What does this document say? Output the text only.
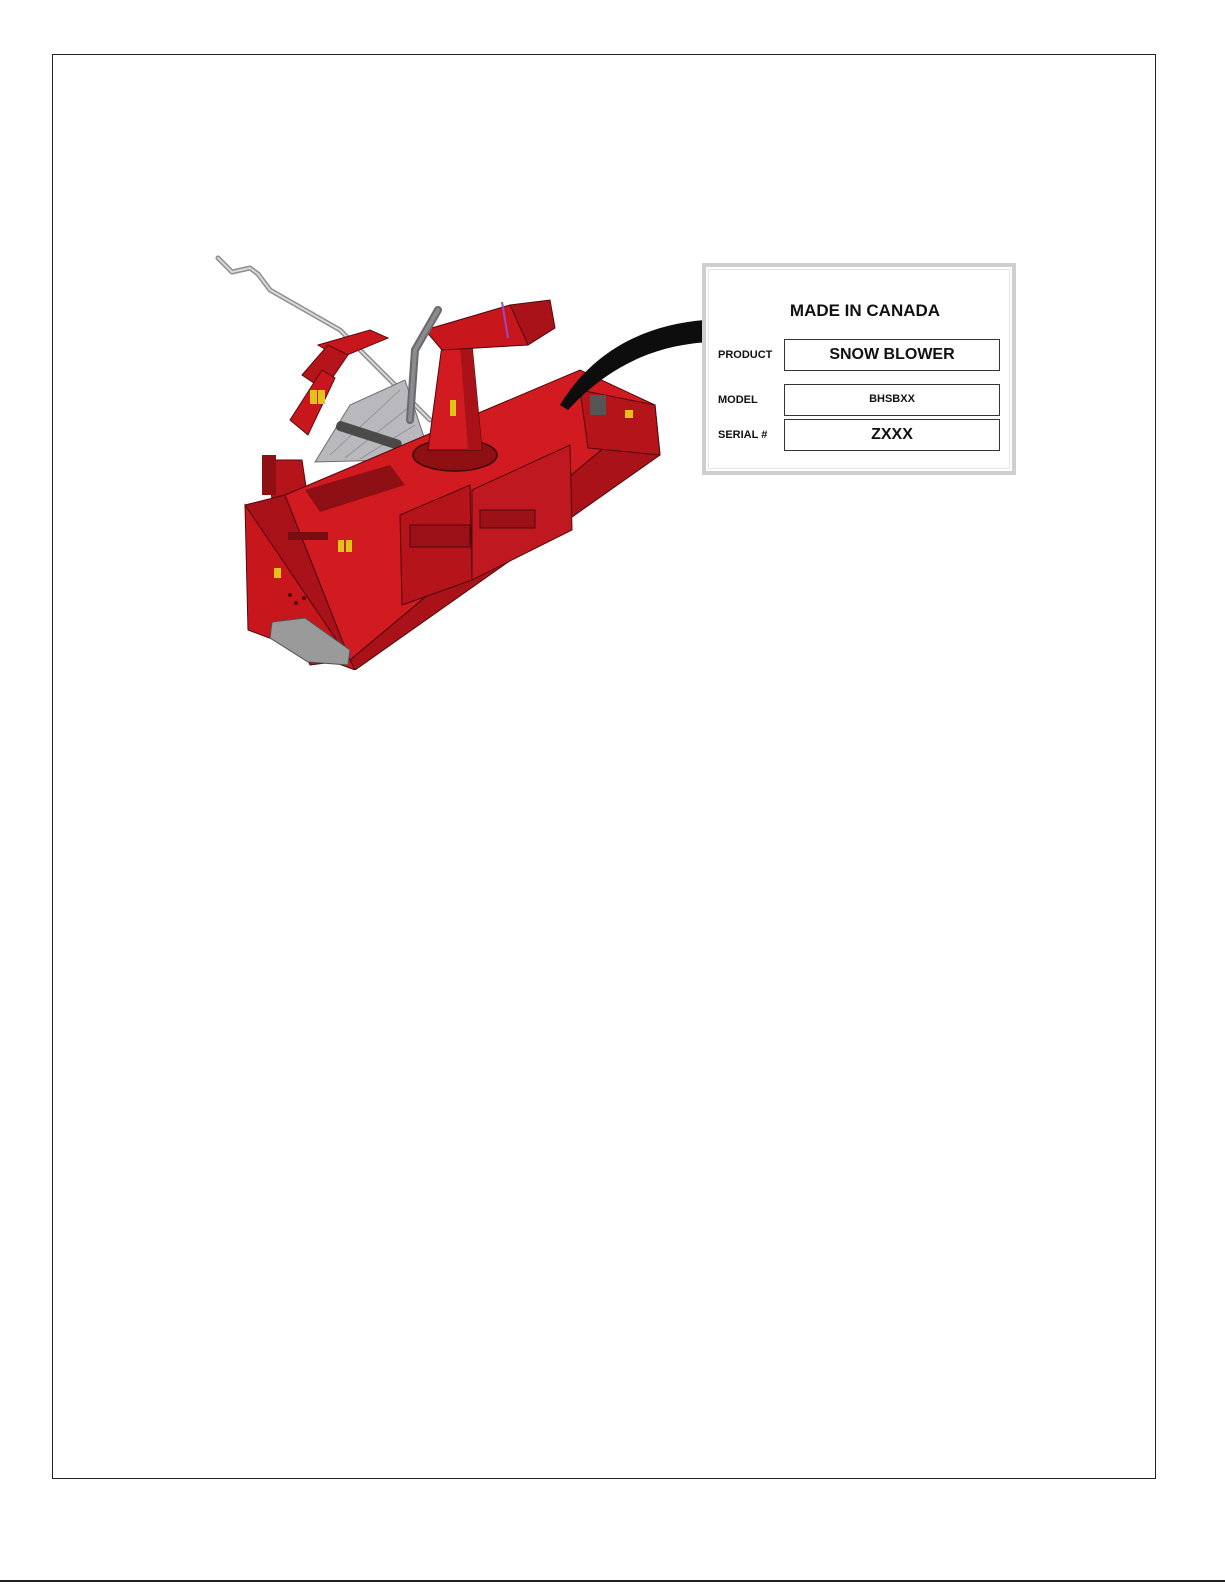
MADE IN CANADA
PRODUCT	SNOW BLOWER
MODEL	BHSBXX
SERIAL #	ZXXX
